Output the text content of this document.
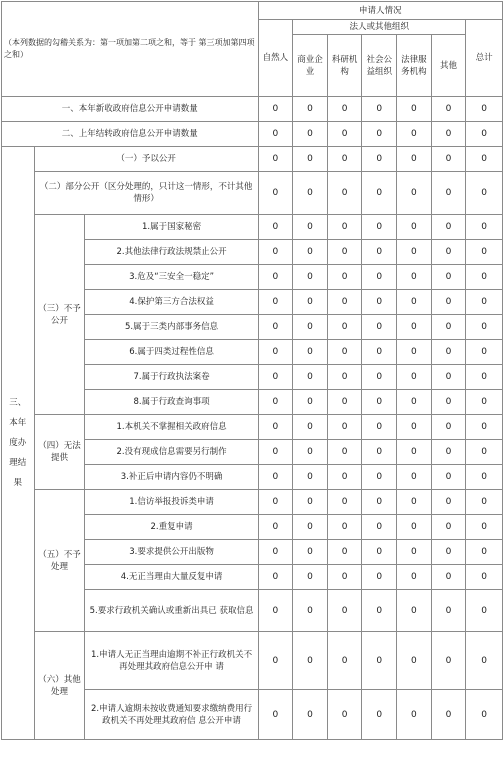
（本列数据的勾稽关系为：第一项加第二项之和，等于 第三项加第四项之和）			申请人情况						
			自然人	法人或其他组织					总计
				商业企业	科研机构	社会公益组织	法律服务机构	其他	
一、本年新收政府信息公开申请数量			0	0	0	0	0	0	0
二、上年结转政府信息公开申请数量			0	0	0	0	0	0	0
三、本年度办理结果	（一）予以公开		0	0	0	0	0	0	0
	（二）部分公开（区分处理的，只计这一情形，不计其他情形）		0	0	0	0	0	0	0
	（三）不予公开	1.属于国家秘密	0	0	0	0	0	0	0
		2.其他法律行政法规禁止公开	0	0	0	0	0	0	0
		3.危及“三安全一稳定”	0	0	0	0	0	0	0
		4.保护第三方合法权益	0	0	0	0	0	0	0
		5.属于三类内部事务信息	0	0	0	0	0	0	0
		6.属于四类过程性信息	0	0	0	0	0	0	0
		7.属于行政执法案卷	0	0	0	0	0	0	0
		8.属于行政查询事项	0	0	0	0	0	0	0
	（四）无法提供	1.本机关不掌握相关政府信息	0	0	0	0	0	0	0
		2.没有现成信息需要另行制作	0	0	0	0	0	0	0
		3.补正后申请内容仍不明确	0	0	0	0	0	0	0
	（五）不予处理	1.信访举报投诉类申请	0	0	0	0	0	0	0
		2.重复申请	0	0	0	0	0	0	0
		3.要求提供公开出版物	0	0	0	0	0	0	0
		4.无正当理由大量反复申请	0	0	0	0	0	0	0
		5.要求行政机关确认或重新出具已 获取信息	0	0	0	0	0	0	0
	（六）其他处理	1.申请人无正当理由逾期不补正行政机关不再处理其政府信息公开申 请	0	0	0	0	0	0	0
		2.申请人逾期未按收费通知要求缴纳费用行政机关不再处理其政府信 息公开申请	0	0	0	0	0	0	0
